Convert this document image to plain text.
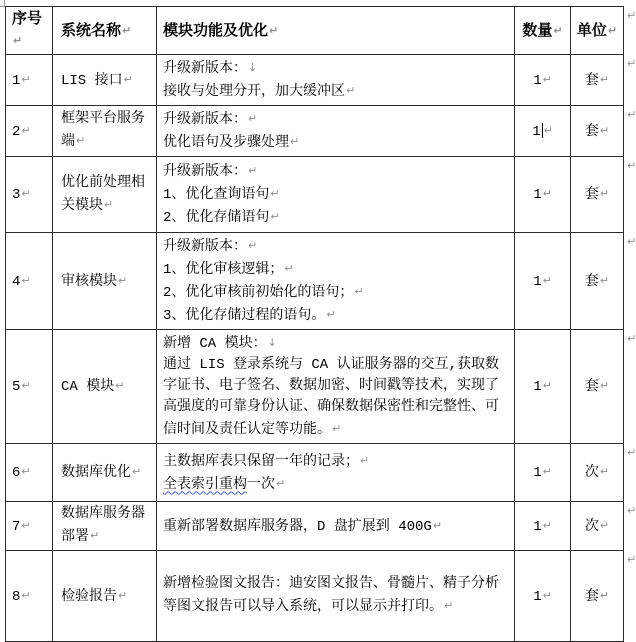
序号↵	系统名称↵	模块功能及优化↵	数量↵	单位↵
1↵	LIS 接口↵	升级新版本：↓
接收与处理分开，加大缓冲区↵	1↵	套↵
2↵	框架平台服务端↵	升级新版本：↵
优化语句及步骤处理↵	1 ↵	套↵
3↵	优化前处理相关模块↵	升级新版本：↵
1、优化查询语句↵
2、优化存储语句↵	1↵	套↵
4↵	审核模块↵	升级新版本：↵
1、优化审核逻辑；↵
2、优化审核前初始化的语句；↵
3、优化存储过程的语句。↵	1↵	套↵
5↵	CA 模块↵	新增 CA 模块：↓
通过 LIS 登录系统与 CA 认证服务器的交互,获取数字证书、电子签名、数据加密、时间戳等技术，实现了高强度的可靠身份认证、确保数据保密性和完整性、可信时间及责任认定等功能。↵	1↵	套↵
6↵	数据库优化↵	主数据库表只保留一年的记录；↵
全表索引重构一次↵	1↵	次↵
7↵	数据库服务器部署↵	重新部署数据库服务器，D 盘扩展到 400G↵	1↵	次↵
8↵	检验报告↵	新增检验图文报告：迪安图文报告、骨髓片、精子分析等图文报告可以导入系统，可以显示并打印。↵	1↵	套↵
↵
↵
↵
↵
↵
↵
↵
↵
↵
